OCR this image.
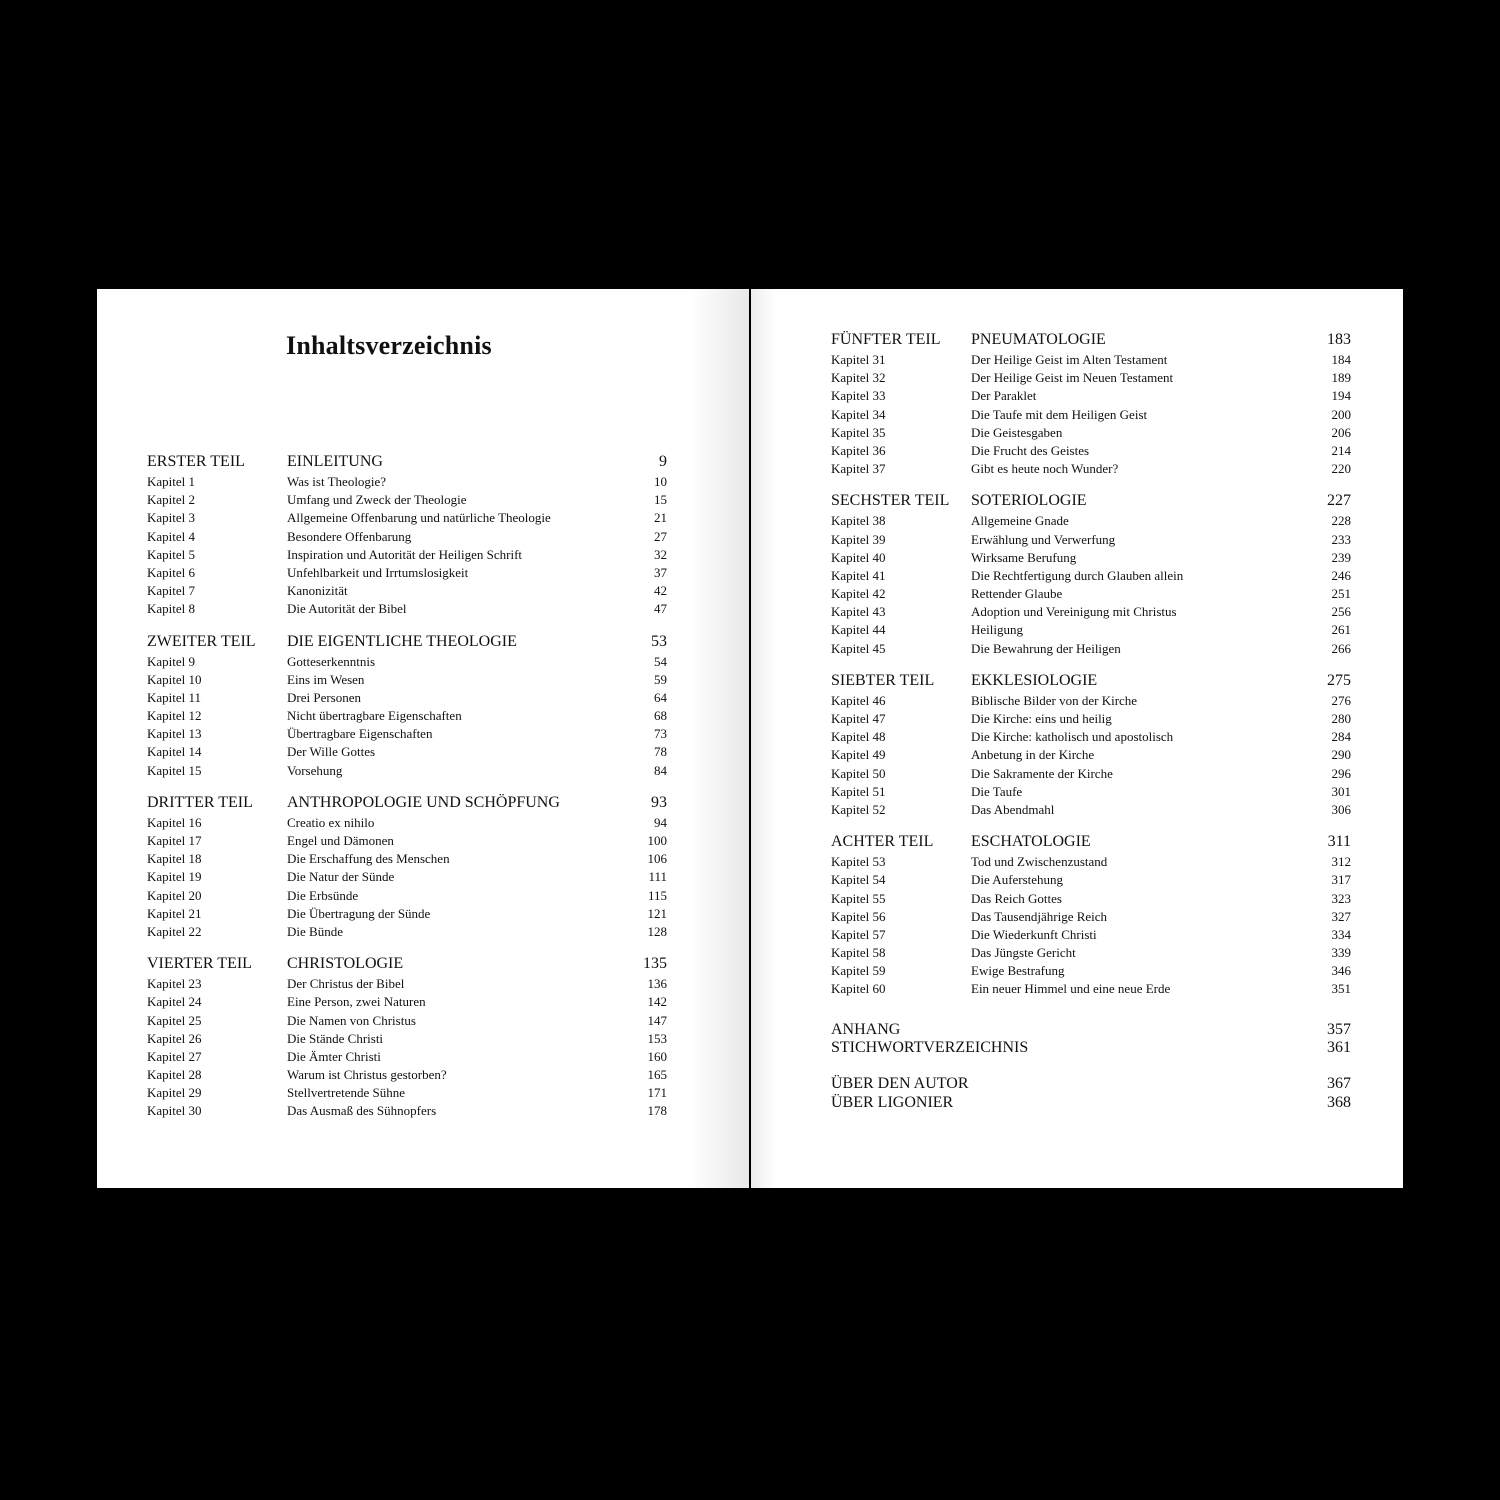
Inhaltsverzeichnis
ERSTER TEIL	EINLEITUNG	9
Kapitel 1	Was ist Theologie?	10
Kapitel 2	Umfang und Zweck der Theologie	15
Kapitel 3	Allgemeine Offenbarung und natürliche Theologie	21
Kapitel 4	Besondere Offenbarung	27
Kapitel 5	Inspiration und Autorität der Heiligen Schrift	32
Kapitel 6	Unfehlbarkeit und Irrtumslosigkeit	37
Kapitel 7	Kanonizität	42
Kapitel 8	Die Autorität der Bibel	47
ZWEITER TEIL	DIE EIGENTLICHE THEOLOGIE	53
Kapitel 9	Gotteserkenntnis	54
Kapitel 10	Eins im Wesen	59
Kapitel 11	Drei Personen	64
Kapitel 12	Nicht übertragbare Eigenschaften	68
Kapitel 13	Übertragbare Eigenschaften	73
Kapitel 14	Der Wille Gottes	78
Kapitel 15	Vorsehung	84
DRITTER TEIL	ANTHROPOLOGIE UND SCHÖPFUNG	93
Kapitel 16	Creatio ex nihilo	94
Kapitel 17	Engel und Dämonen	100
Kapitel 18	Die Erschaffung des Menschen	106
Kapitel 19	Die Natur der Sünde	111
Kapitel 20	Die Erbsünde	115
Kapitel 21	Die Übertragung der Sünde	121
Kapitel 22	Die Bünde	128
VIERTER TEIL	CHRISTOLOGIE	135
Kapitel 23	Der Christus der Bibel	136
Kapitel 24	Eine Person, zwei Naturen	142
Kapitel 25	Die Namen von Christus	147
Kapitel 26	Die Stände Christi	153
Kapitel 27	Die Ämter Christi	160
Kapitel 28	Warum ist Christus gestorben?	165
Kapitel 29	Stellvertretende Sühne	171
Kapitel 30	Das Ausmaß des Sühnopfers	178
FÜNFTER TEIL	PNEUMATOLOGIE	183
Kapitel 31	Der Heilige Geist im Alten Testament	184
Kapitel 32	Der Heilige Geist im Neuen Testament	189
Kapitel 33	Der Paraklet	194
Kapitel 34	Die Taufe mit dem Heiligen Geist	200
Kapitel 35	Die Geistesgaben	206
Kapitel 36	Die Frucht des Geistes	214
Kapitel 37	Gibt es heute noch Wunder?	220
SECHSTER TEIL	SOTERIOLOGIE	227
Kapitel 38	Allgemeine Gnade	228
Kapitel 39	Erwählung und Verwerfung	233
Kapitel 40	Wirksame Berufung	239
Kapitel 41	Die Rechtfertigung durch Glauben allein	246
Kapitel 42	Rettender Glaube	251
Kapitel 43	Adoption und Vereinigung mit Christus	256
Kapitel 44	Heiligung	261
Kapitel 45	Die Bewahrung der Heiligen	266
SIEBTER TEIL	EKKLESIOLOGIE	275
Kapitel 46	Biblische Bilder von der Kirche	276
Kapitel 47	Die Kirche: eins und heilig	280
Kapitel 48	Die Kirche: katholisch und apostolisch	284
Kapitel 49	Anbetung in der Kirche	290
Kapitel 50	Die Sakramente der Kirche	296
Kapitel 51	Die Taufe	301
Kapitel 52	Das Abendmahl	306
ACHTER TEIL	ESCHATOLOGIE	311
Kapitel 53	Tod und Zwischenzustand	312
Kapitel 54	Die Auferstehung	317
Kapitel 55	Das Reich Gottes	323
Kapitel 56	Das Tausendjährige Reich	327
Kapitel 57	Die Wiederkunft Christi	334
Kapitel 58	Das Jüngste Gericht	339
Kapitel 59	Ewige Bestrafung	346
Kapitel 60	Ein neuer Himmel und eine neue Erde	351
ANHANG	357
STICHWORTVERZEICHNIS	361
ÜBER DEN AUTOR	367
ÜBER LIGONIER	368
